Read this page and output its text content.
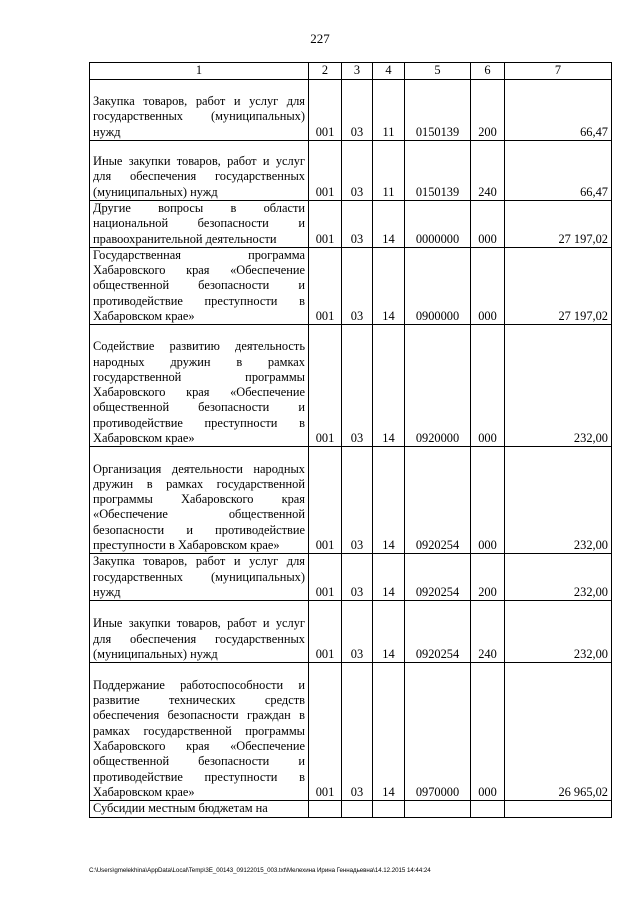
227
1	2	3	4	5	6	7
Закупка товаров, работ и услуг для государственных (муниципальных) нужд	001	03	11	0150139	200	66,47
Иные закупки товаров, работ и услуг для обеспечения государственных (муниципальных) нужд	001	03	11	0150139	240	66,47
Другие вопросы в области национальной безопасности и правоохранительной деятельности	001	03	14	0000000	000	27 197,02
Государственная программа Хабаровского края «Обеспечение общественной безопасности и противодействие преступности в Хабаровском крае»	001	03	14	0900000	000	27 197,02
Содействие развитию деятельность народных дружин в рамках государственной программы Хабаровского края «Обеспечение общественной безопасности и противодействие преступности в Хабаровском крае»	001	03	14	0920000	000	232,00
Организация деятельности народных дружин в рамках государственной программы Хабаровского края «Обеспечение общественной безопасности и противодействие преступности в Хабаровском крае»	001	03	14	0920254	000	232,00
Закупка товаров, работ и услуг для государственных (муниципальных) нужд	001	03	14	0920254	200	232,00
Иные закупки товаров, работ и услуг для обеспечения государственных (муниципальных) нужд	001	03	14	0920254	240	232,00
Поддержание работоспособности и развитие технических средств обеспечения безопасности граждан в рамках государственной программы Хабаровского края «Обеспечение общественной безопасности и противодействие преступности в Хабаровском крае»	001	03	14	0970000	000	26 965,02
Субсидии местным бюджетам на						
C:\Users\gmelekhina\AppData\Local\Temp\3E_00143_09122015_003.txt\Мелехина Ирина Геннадьевна\14.12.2015 14:44:24
